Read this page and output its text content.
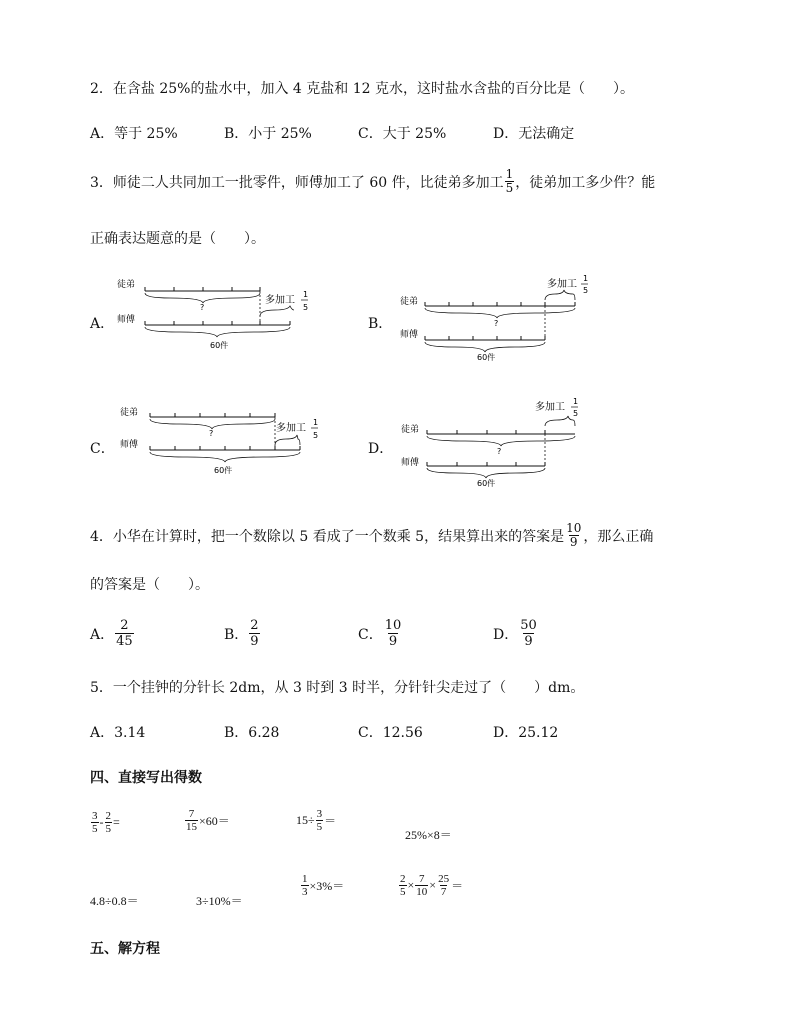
2．在含盐 25%的盐水中，加入 4 克盐和 12 克水，这时盐水含盐的百分比是（　　）。
A．等于 25%	B．小于 25%	C．大于 25%	D．无法确定
3．师徒二人共同加工一批零件，师傅加工了 60 件，比徒弟多加工 $\frac{1}{5}$ ，徒弟加工多少件？能
正确表达题意的是（　　）。
A．	B．
C．	D．
徒弟
?
多加工
1
5
师傅
60件
多加工
1
5
徒弟
?
师傅
60件
徒弟
?	多加工
1
5
师傅
60件
多加工
1
5
徒弟
?
师傅
60件
4．小华在计算时，把一个数除以 5 看成了一个数乘 5，结果算出来的答案是 $\frac{10}{9}$ ，那么正确
的答案是（　　）。
A． $\frac{2}{45}$	B． $\frac{2}{9}$	C． $\frac{10}{9}$	D． $\frac{50}{9}$
5．一个挂钟的分针长 2dm，从 3 时到 3 时半，分针针尖走过了（　　）dm。
A．3.14	B．6.28	C．12.56	D．25.12
四、直接写出得数
$\frac{3}{5} - \frac{2}{5}$ =	$\frac{7}{15} \times 60=$	$15\div \frac{3}{5}$ ＝
25%×8＝
4.8÷0.8＝	3÷10%＝
$\frac{1}{3} \times 3\%=$	$\frac{2}{5} \times \frac{7}{10} \times \frac{25}{7}$ ＝
五、解方程
